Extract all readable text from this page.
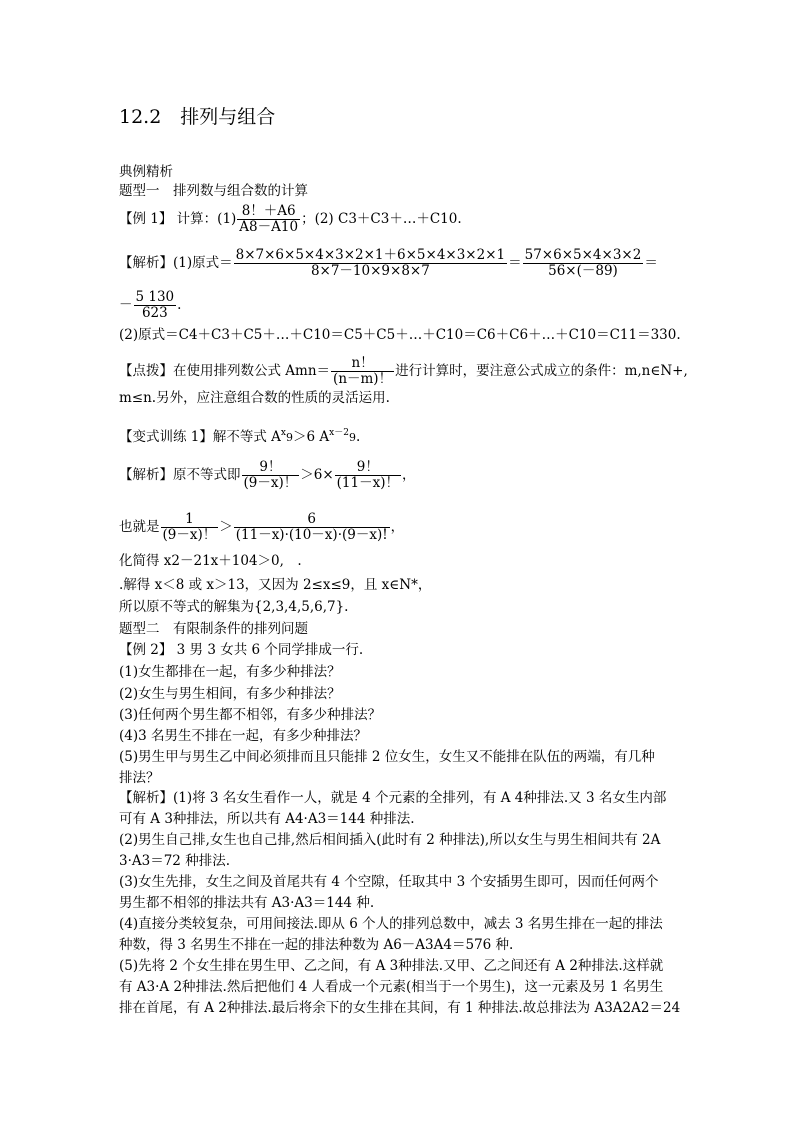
12.2　排列与组合
典例精析
题型一　排列数与组合数的计算
【例 1】 计算：$(1) \frac{8!+A6}{A8-A10}$ ；(2) C3＋C3＋…＋C10.
【解析】(1)原式＝ $\frac{8\times 7\times 6\times 5\times 4\times 3\times 2\times 1+6\times 5\times 4\times 3\times 2\times 1}{8\times 7-10\times 9\times 8\times 7} = \frac{57\times 6\times 5\times 4\times 3\times 2}{56\times(-89)}$ ＝
－ $\frac{5 130}{623}$ .
(2)原式＝C4＋C3＋C5＋…＋C10＝C5＋C5＋…＋C10＝C6＋C6＋…＋C10＝C11＝330.
【点拨】在使用排列数公式 $Amn= \frac{n!}{(n-m)!}$ 进行计算时，要注意公式成立的条件：m,n∈N+,
m≤n.另外，应注意组合数的性质的灵活运用.
【变式训练 1】解不等式 $A^x9>6$ $A^{x-2}9$.
【解析】原不等式即 $\frac{9!}{(9-x)!} >6\times \frac{9!}{(11-x)!}$ ，
也就是 $\frac{1}{(9-x)!} > \frac{6}{(11-x)\cdot(10-x)\cdot(9-x)!}$ ，
化简得 x2－21x＋104＞0,　.
.解得 x＜8 或 x＞13，又因为 2≤x≤9，且 x∈N*，
所以原不等式的解集为{2,3,4,5,6,7}.
题型二　有限制条件的排列问题
【例 2】 3 男 3 女共 6 个同学排成一行.
(1)女生都排在一起，有多少种排法？
(2)女生与男生相间，有多少种排法？
(3)任何两个男生都不相邻，有多少种排法？
(4)3 名男生不排在一起，有多少种排法？
(5)男生甲与男生乙中间必须排而且只能排 2 位女生，女生又不能排在队伍的两端，有几种
排法？
【解析】(1)将 3 名女生看作一人，就是 4 个元素的全排列，有 A 4种排法.又 3 名女生内部
可有 A 3种排法，所以共有 A4·A3＝144 种排法.
(2)男生自己排,女生也自己排,然后相间插入(此时有 2 种排法),所以女生与男生相间共有 2A
3·A3＝72 种排法.
(3)女生先排，女生之间及首尾共有 4 个空隙，任取其中 3 个安插男生即可，因而任何两个
男生都不相邻的排法共有 A3·A3＝144 种.
(4)直接分类较复杂，可用间接法.即从 6 个人的排列总数中，减去 3 名男生排在一起的排法
种数，得 3 名男生不排在一起的排法种数为 A6－A3A4＝576 种.
(5)先将 2 个女生排在男生甲、乙之间，有 A 3种排法.又甲、乙之间还有 A 2种排法.这样就
有 A3·A 2种排法.然后把他们 4 人看成一个元素(相当于一个男生)，这一元素及另 1 名男生
排在首尾，有 A 2种排法.最后将余下的女生排在其间，有 1 种排法.故总排法为 A3A2A2＝24
